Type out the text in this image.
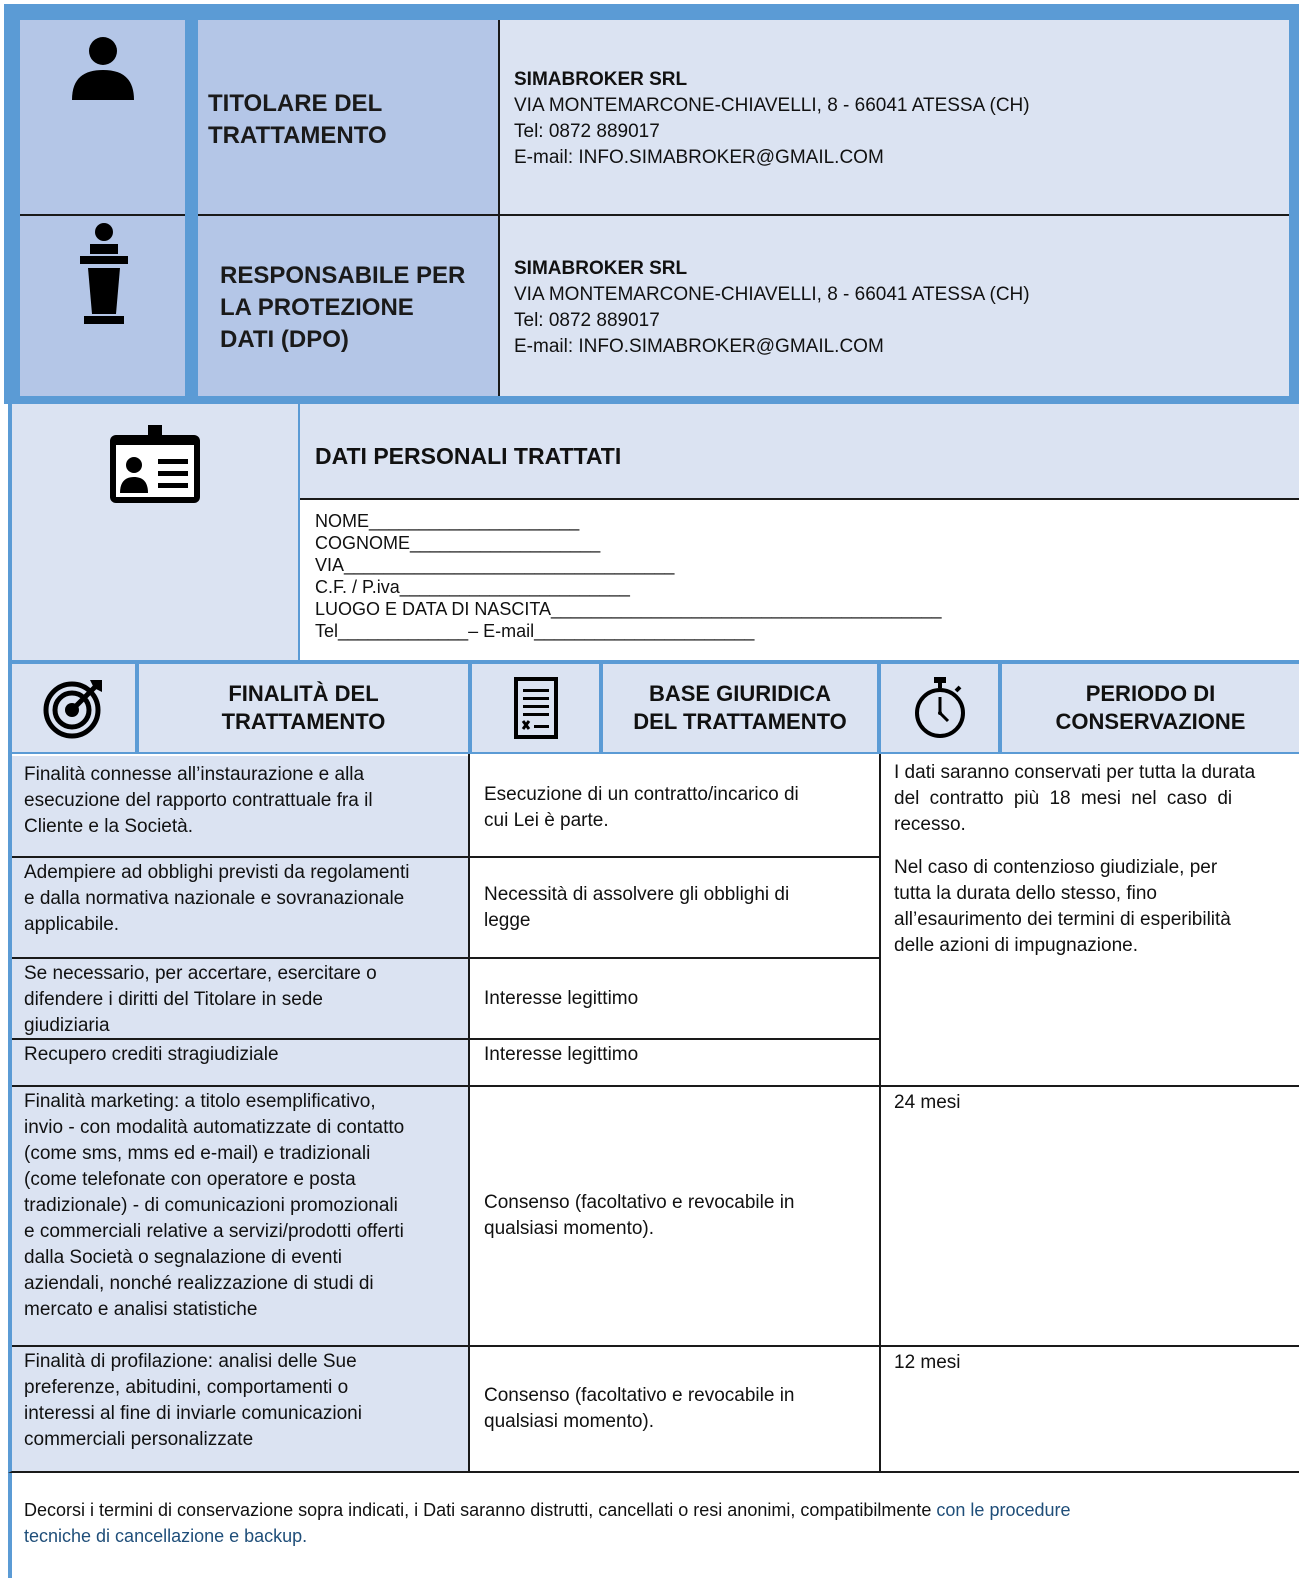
TITOLARE DEL
TRATTAMENTO
RESPONSABILE PER
LA PROTEZIONE
DATI (DPO)
SIMABROKER SRL
VIA MONTEMARCONE-CHIAVELLI, 8 - 66041 ATESSA (CH)
Tel: 0872 889017
E-mail: INFO.SIMABROKER@GMAIL.COM
SIMABROKER SRL
VIA MONTEMARCONE-CHIAVELLI, 8 - 66041 ATESSA (CH)
Tel: 0872 889017
E-mail: INFO.SIMABROKER@GMAIL.COM
DATI PERSONALI TRATTATI
NOME_____________________
COGNOME___________________
VIA_________________________________
C.F. / P.iva_______________________
LUOGO E DATA DI NASCITA_______________________________________
Tel_____________– E-mail______________________
FINALITÀ DEL
TRATTAMENTO
BASE GIURIDICA
DEL TRATTAMENTO
PERIODO DI
CONSERVAZIONE
Finalità connesse all’instaurazione e alla
esecuzione del rapporto contrattuale fra il
Cliente e la Società.
Esecuzione di un contratto/incarico di
cui Lei è parte.
Adempiere ad obblighi previsti da regolamenti
e dalla normativa nazionale e sovranazionale
applicabile.
Necessità di assolvere gli obblighi di
legge
Se necessario, per accertare, esercitare o
difendere i diritti del Titolare in sede
giudiziaria
Interesse legittimo
Recupero crediti stragiudiziale	Interesse legittimo
Finalità marketing: a titolo esemplificativo,
invio - con modalità automatizzate di contatto
(come sms, mms ed e-mail) e tradizionali
(come telefonate con operatore e posta
tradizionale) - di comunicazioni promozionali
e commerciali relative a servizi/prodotti offerti
dalla Società o segnalazione di eventi
aziendali, nonché realizzazione di studi di
mercato e analisi statistiche
Consenso (facoltativo e revocabile in
qualsiasi momento).
Finalità di profilazione: analisi delle Sue
preferenze, abitudini, comportamenti o
interessi al fine di inviarle comunicazioni
commerciali personalizzate
Consenso (facoltativo e revocabile in
qualsiasi momento).
I dati saranno conservati per tutta la durata
del contratto più 18 mesi nel caso di
recesso.
Nel caso di contenzioso giudiziale, per
tutta la durata dello stesso, fino
all’esaurimento dei termini di esperibilità
delle azioni di impugnazione.
24 mesi
12 mesi
Decorsi i termini di conservazione sopra indicati, i Dati saranno distrutti, cancellati o resi anonimi, compatibilmente con le procedure
tecniche di cancellazione e backup.
